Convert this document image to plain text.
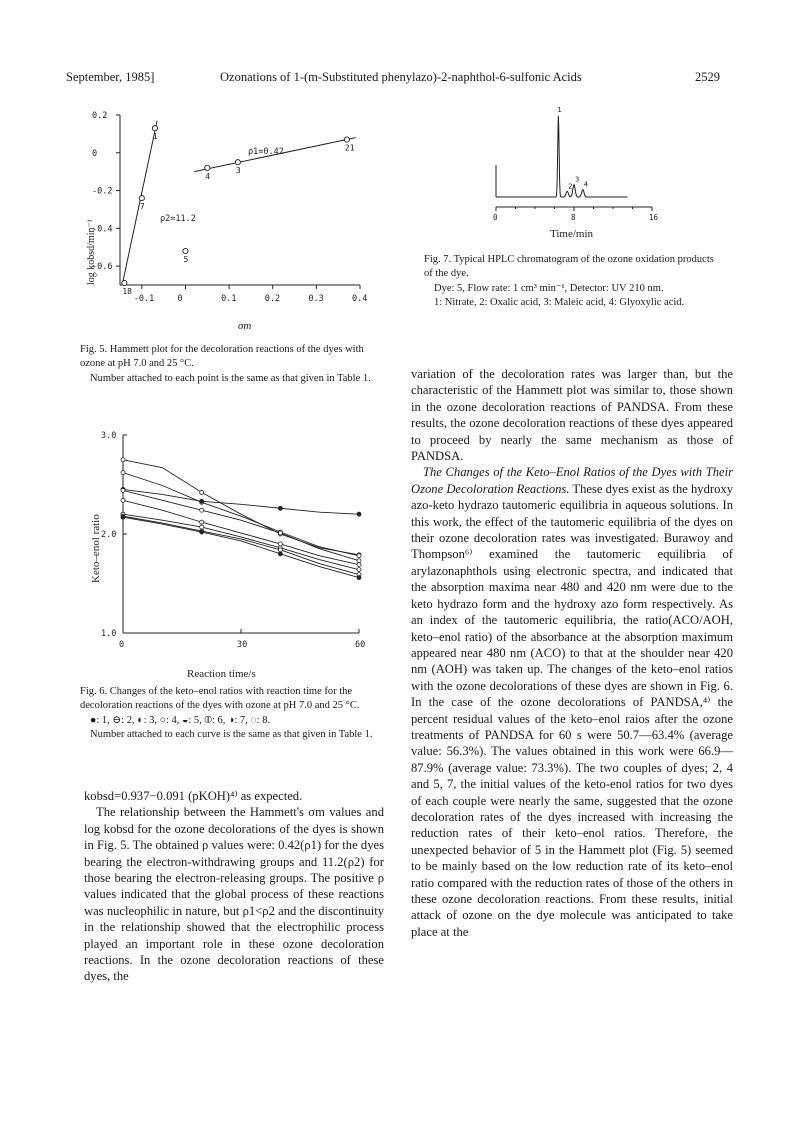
September, 1985]	Ozonations of 1-(m-Substituted phenylazo)-2-naphthol-6-sulfonic Acids	2529
-0.1	0	0.1	0.2	0.3	0.4
0.2
0
-0.2
-0.4
-0.6
1
3
4
5
7
18
21
ρ1=0.42
ρ2=11.2
σm
log kobsd/min⁻¹
Fig. 5. Hammett plot for the decoloration reactions of the dyes with ozone at pH 7.0 and 25 °C.
Number attached to each point is the same as that given in Table 1.
0	30	60
3.0
2.0
1.0
Reaction time/s
Keto–enol ratio
Fig. 6. Changes of the keto–enol ratios with reaction time for the decoloration reactions of the dyes with ozone at pH 7.0 and 25 °C.
●: 1, ⊖: 2, ◐: 3, ○: 4, ◒: 5, ⦶: 6, ◑: 7, ◌: 8.
Number attached to each curve is the same as that given in Table 1.
0	8	16
1
2
3
4
Time/min
Fig. 7. Typical HPLC chromatogram of the ozone oxidation products of the dye.
Dye: 5, Flow rate: 1 cm³ min⁻¹, Detector: UV 210 nm.
1: Nitrate, 2: Oxalic acid, 3: Maleic acid, 4: Glyoxylic acid.

kobsd=0.937−0.091 (pKOH)⁴⁾ as expected.

The relationship between the Hammett's σm values and log kobsd for the ozone decolorations of the dyes is shown in Fig. 5. The obtained ρ values were: 0.42(ρ1) for the dyes bearing the electron-withdrawing groups and 11.2(ρ2) for those bearing the electron-releasing groups. The positive ρ values indicated that the global process of these reactions was nucleophilic in nature, but ρ1<ρ2 and the discontinuity in the relationship showed that the electrophilic process played an important role in these ozone decoloration reactions. In the ozone decoloration reactions of these dyes, the

variation of the decoloration rates was larger than, but the characteristic of the Hammett plot was similar to, those shown in the ozone decoloration reactions of PANDSA. From these results, the ozone decoloration reactions of these dyes appeared to proceed by nearly the same mechanism as those of PANDSA.

The Changes of the Keto–Enol Ratios of the Dyes with Their Ozone Decoloration Reactions. These dyes exist as the hydroxy azo-keto hydrazo tautomeric equilibria in aqueous solutions. In this work, the effect of the tautomeric equilibria of the dyes on their ozone decoloration rates was investigated. Burawoy and Thompson⁶⁾ examined the tautomeric equilibria of arylazonaphthols using electronic spectra, and indicated that the absorption maxima near 480 and 420 nm were due to the keto hydrazo form and the hydroxy azo form respectively. As an index of the tautomeric equilibria, the ratio(ACO/AOH, keto–enol ratio) of the absorbance at the absorption maximum appeared near 480 nm (ACO) to that at the shoulder near 420 nm (AOH) was taken up. The changes of the keto–enol ratios with the ozone decolorations of these dyes are shown in Fig. 6. In the case of the ozone decolorations of PANDSA,⁴⁾ the percent residual values of the keto–enol raios after the ozone treatments of PANDSA for 60 s were 50.7—63.4% (average value: 56.3%). The values obtained in this work were 66.9—87.9% (average value: 73.3%). The two couples of dyes; 2, 4 and 5, 7, the initial values of the keto-enol ratios for two dyes of each couple were nearly the same, suggested that the ozone decoloration rates of the dyes increased with increasing the reduction rates of their keto–enol ratios. Therefore, the unexpected behavior of 5 in the Hammett plot (Fig. 5) seemed to be mainly based on the low reduction rate of its keto–enol ratio compared with the reduction rates of those of the others in these ozone decoloration reactions. From these results, initial attack of ozone on the dye molecule was anticipated to take place at the
